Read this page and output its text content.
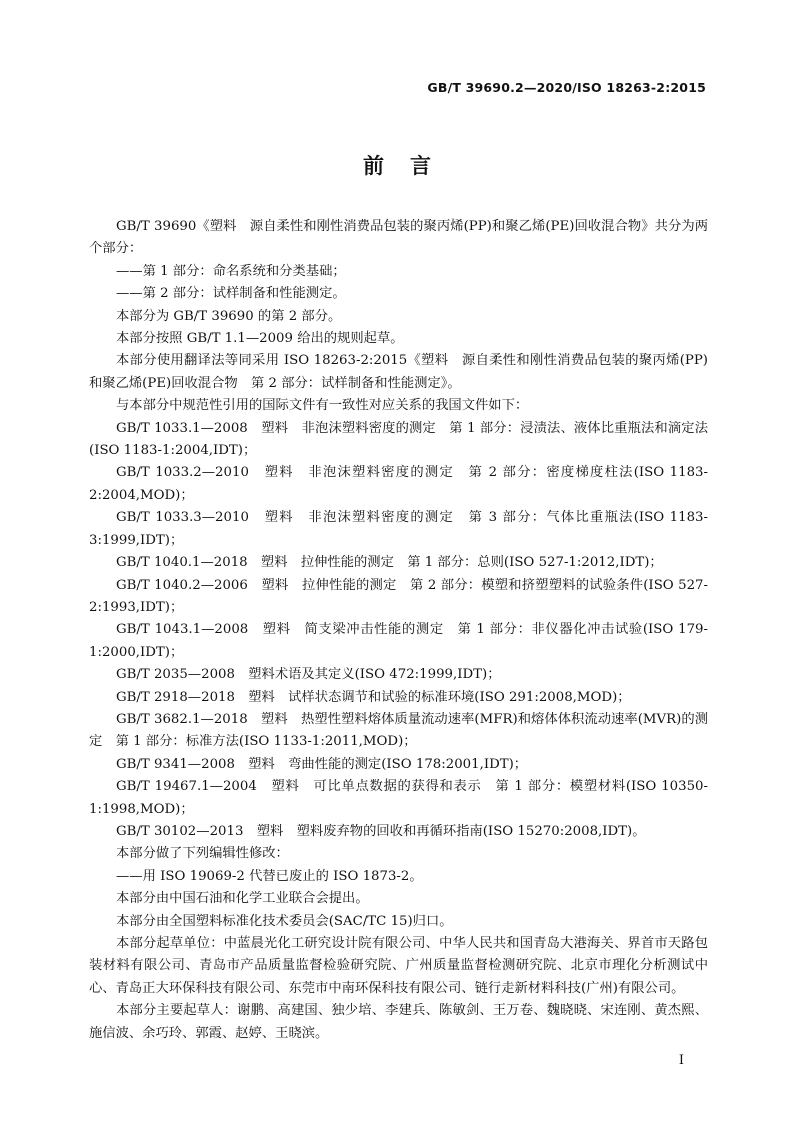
GB/T 39690.2—2020/ISO 18263-2:2015
前言

GB/T 39690《塑料　源自柔性和刚性消费品包装的聚丙烯(PP)和聚乙烯(PE)回收混合物》共分为两个部分：

——第 1 部分：命名系统和分类基础；

——第 2 部分：试样制备和性能测定。

本部分为 GB/T 39690 的第 2 部分。

本部分按照 GB/T 1.1—2009 给出的规则起草。

本部分使用翻译法等同采用 ISO 18263-2:2015《塑料　源自柔性和刚性消费品包装的聚丙烯(PP)和聚乙烯(PE)回收混合物　第 2 部分：试样制备和性能测定》。

与本部分中规范性引用的国际文件有一致性对应关系的我国文件如下：

GB/T 1033.1—2008　塑料　非泡沫塑料密度的测定　第 1 部分：浸渍法、液体比重瓶法和滴定法(ISO 1183-1:2004,IDT)；

GB/T 1033.2—2010　塑料　非泡沫塑料密度的测定　第 2 部分：密度梯度柱法(ISO 1183-2:2004,MOD)；

GB/T 1033.3—2010　塑料　非泡沫塑料密度的测定　第 3 部分：气体比重瓶法(ISO 1183-3:1999,IDT)；

GB/T 1040.1—2018　塑料　拉伸性能的测定　第 1 部分：总则(ISO 527-1:2012,IDT)；

GB/T 1040.2—2006　塑料　拉伸性能的测定　第 2 部分：模塑和挤塑塑料的试验条件(ISO 527-2:1993,IDT)；

GB/T 1043.1—2008　塑料　简支梁冲击性能的测定　第 1 部分：非仪器化冲击试验(ISO 179-1:2000,IDT)；

GB/T 2035—2008　塑料术语及其定义(ISO 472:1999,IDT)；

GB/T 2918—2018　塑料　试样状态调节和试验的标准环境(ISO 291:2008,MOD)；

GB/T 3682.1—2018　塑料　热塑性塑料熔体质量流动速率(MFR)和熔体体积流动速率(MVR)的测定　第 1 部分：标准方法(ISO 1133-1:2011,MOD)；

GB/T 9341—2008　塑料　弯曲性能的测定(ISO 178:2001,IDT)；

GB/T 19467.1—2004　塑料　可比单点数据的获得和表示　第 1 部分：模塑材料(ISO 10350-1:1998,MOD)；

GB/T 30102—2013　塑料　塑料废弃物的回收和再循环指南(ISO 15270:2008,IDT)。

本部分做了下列编辑性修改：

——用 ISO 19069-2 代替已废止的 ISO 1873-2。

本部分由中国石油和化学工业联合会提出。

本部分由全国塑料标准化技术委员会(SAC/TC 15)归口。

本部分起草单位：中蓝晨光化工研究设计院有限公司、中华人民共和国青岛大港海关、界首市天路包装材料有限公司、青岛市产品质量监督检验研究院、广州质量监督检测研究院、北京市理化分析测试中心、青岛正大环保科技有限公司、东莞市中南环保科技有限公司、链行走新材料科技(广州)有限公司。

本部分主要起草人：谢鹏、高建国、独少培、李建兵、陈敏剑、王万卷、魏晓晓、宋连刚、黄杰熙、施信波、余巧玲、郭霞、赵婷、王晓滨。

I
